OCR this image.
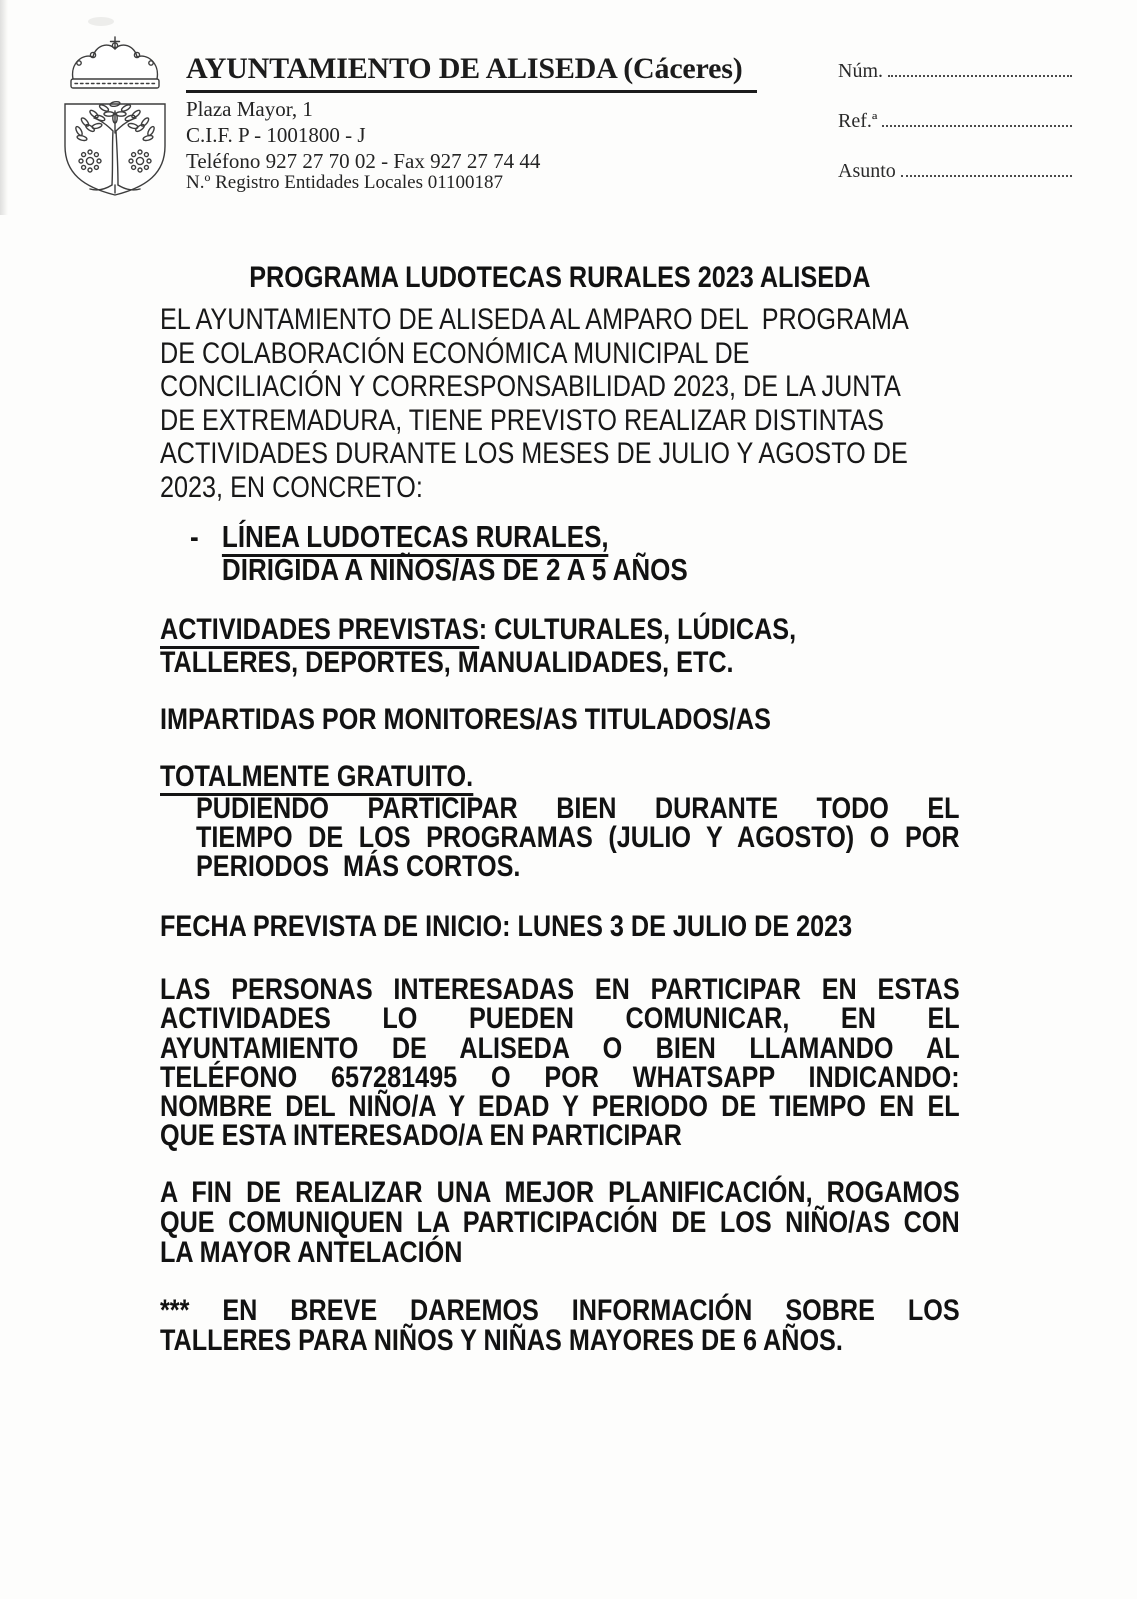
AYUNTAMIENTO DE ALISEDA (Cáceres)
Plaza Mayor, 1
C.I.F. P - 1001800 - J
Teléfono 927 27 70 02 - Fax 927 27 74 44
N.º Registro Entidades Locales 01100187
Núm.
Ref.ª
Asunto
PROGRAMA LUDOTECAS RURALES 2023 ALISEDA
EL AYUNTAMIENTO DE ALISEDA AL AMPARO DEL  PROGRAMA
DE COLABORACIÓN ECONÓMICA MUNICIPAL DE
CONCILIACIÓN Y CORRESPONSABILIDAD 2023, DE LA JUNTA
DE EXTREMADURA, TIENE PREVISTO REALIZAR DISTINTAS
ACTIVIDADES DURANTE LOS MESES DE JULIO Y AGOSTO DE
2023, EN CONCRETO:
- LÍNEA LUDOTECAS RURALES,
DIRIGIDA A NIÑOS/AS DE 2 A 5 AÑOS
ACTIVIDADES PREVISTAS: CULTURALES, LÚDICAS,
TALLERES, DEPORTES, MANUALIDADES, ETC.
IMPARTIDAS POR MONITORES/AS TITULADOS/AS
TOTALMENTE GRATUITO.
PUDIENDO PARTICIPAR BIEN DURANTE TODO EL
TIEMPO DE LOS PROGRAMAS (JULIO Y AGOSTO) O POR
PERIODOS  MÁS CORTOS.
FECHA PREVISTA DE INICIO: LUNES 3 DE JULIO DE 2023
LAS PERSONAS INTERESADAS EN PARTICIPAR EN ESTAS
ACTIVIDADES LO PUEDEN COMUNICAR, EN EL
AYUNTAMIENTO DE ALISEDA O BIEN LLAMANDO AL
TELÉFONO 657281495 O POR WHATSAPP INDICANDO:
NOMBRE DEL NIÑO/A Y EDAD Y PERIODO DE TIEMPO EN EL
QUE ESTA INTERESADO/A EN PARTICIPAR
A FIN DE REALIZAR UNA MEJOR PLANIFICACIÓN, ROGAMOS
QUE COMUNIQUEN LA PARTICIPACIÓN DE LOS NIÑO/AS CON
LA MAYOR ANTELACIÓN
*** EN BREVE DAREMOS INFORMACIÓN SOBRE LOS
TALLERES PARA NIÑOS Y NIÑAS MAYORES DE 6 AÑOS.
